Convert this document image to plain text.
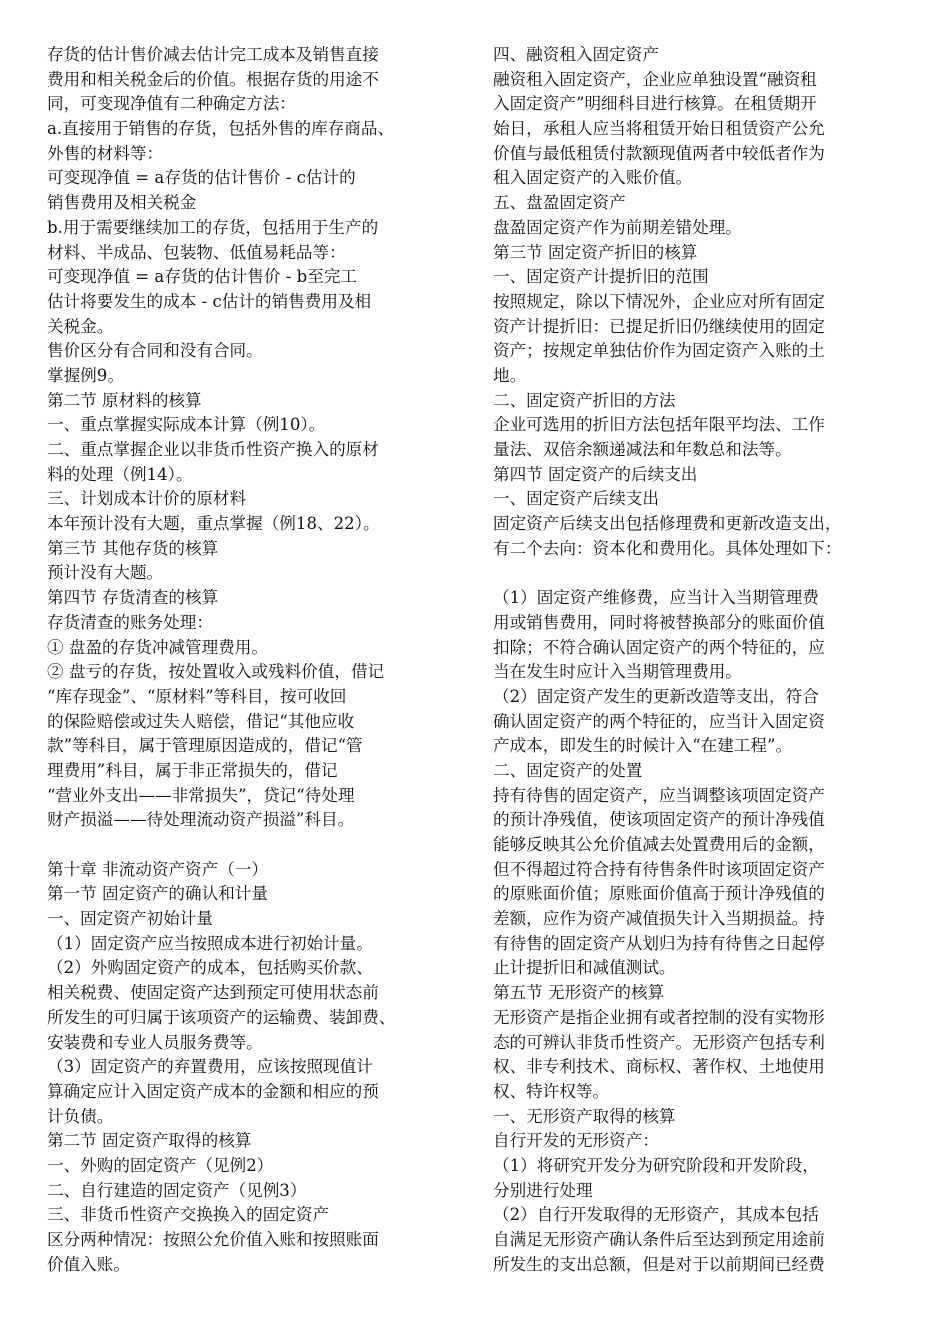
存货的估计售价减去估计完工成本及销售直接
费用和相关税金后的价值。根据存货的用途不
同，可变现净值有二种确定方法：
a.直接用于销售的存货，包括外售的库存商品、
外售的材料等：
可变现净值 = a存货的估计售价 - c估计的
销售费用及相关税金
b.用于需要继续加工的存货，包括用于生产的
材料、半成品、包装物、低值易耗品等：
可变现净值 = a存货的估计售价 - b至完工
估计将要发生的成本 - c估计的销售费用及相
关税金。
售价区分有合同和没有合同。
掌握例9。
第二节 原材料的核算
一、重点掌握实际成本计算（例10）。
二、重点掌握企业以非货币性资产换入的原材
料的处理（例14）。
三、计划成本计价的原材料
本年预计没有大题，重点掌握（例18、22）。
第三节 其他存货的核算
预计没有大题。
第四节 存货清查的核算
存货清查的账务处理：
① 盘盈的存货冲减管理费用。
② 盘亏的存货，按处置收入或残料价值，借记
“库存现金”、“原材料”等科目，按可收回
的保险赔偿或过失人赔偿，借记“其他应收
款”等科目，属于管理原因造成的，借记“管
理费用”科目，属于非正常损失的，借记
“营业外支出——非常损失”，贷记“待处理
财产损溢——待处理流动资产损溢”科目。
第十章 非流动资产资产（一）
第一节 固定资产的确认和计量
一、固定资产初始计量
（1）固定资产应当按照成本进行初始计量。
（2）外购固定资产的成本，包括购买价款、
相关税费、使固定资产达到预定可使用状态前
所发生的可归属于该项资产的运输费、装卸费、
安装费和专业人员服务费等。
（3）固定资产的弃置费用，应该按照现值计
算确定应计入固定资产成本的金额和相应的预
计负债。
第二节 固定资产取得的核算
一、外购的固定资产（见例2）
二、自行建造的固定资产（见例3）
三、非货币性资产交换换入的固定资产
区分两种情况：按照公允价值入账和按照账面
价值入账。
四、融资租入固定资产
融资租入固定资产，企业应单独设置“融资租
入固定资产”明细科目进行核算。在租赁期开
始日，承租人应当将租赁开始日租赁资产公允
价值与最低租赁付款额现值两者中较低者作为
租入固定资产的入账价值。
五、盘盈固定资产
盘盈固定资产作为前期差错处理。
第三节 固定资产折旧的核算
一、固定资产计提折旧的范围
按照规定，除以下情况外，企业应对所有固定
资产计提折旧：已提足折旧仍继续使用的固定
资产；按规定单独估价作为固定资产入账的土
地。
二、固定资产折旧的方法
企业可选用的折旧方法包括年限平均法、工作
量法、双倍余额递减法和年数总和法等。
第四节 固定资产的后续支出
一、固定资产后续支出
固定资产后续支出包括修理费和更新改造支出，
有二个去向：资本化和费用化。具体处理如下：
（1）固定资产维修费，应当计入当期管理费
用或销售费用，同时将被替换部分的账面价值
扣除；不符合确认固定资产的两个特征的，应
当在发生时应计入当期管理费用。
（2）固定资产发生的更新改造等支出，符合
确认固定资产的两个特征的，应当计入固定资
产成本，即发生的时候计入“在建工程”。
二、固定资产的处置
持有待售的固定资产，应当调整该项固定资产
的预计净残值，使该项固定资产的预计净残值
能够反映其公允价值减去处置费用后的金额，
但不得超过符合持有待售条件时该项固定资产
的原账面价值；原账面价值高于预计净残值的
差额，应作为资产减值损失计入当期损益。持
有待售的固定资产从划归为持有待售之日起停
止计提折旧和减值测试。
第五节 无形资产的核算
无形资产是指企业拥有或者控制的没有实物形
态的可辨认非货币性资产。无形资产包括专利
权、非专利技术、商标权、著作权、土地使用
权、特许权等。
一、无形资产取得的核算
自行开发的无形资产：
（1）将研究开发分为研究阶段和开发阶段，
分别进行处理
（2）自行开发取得的无形资产，其成本包括
自满足无形资产确认条件后至达到预定用途前
所发生的支出总额，但是对于以前期间已经费
